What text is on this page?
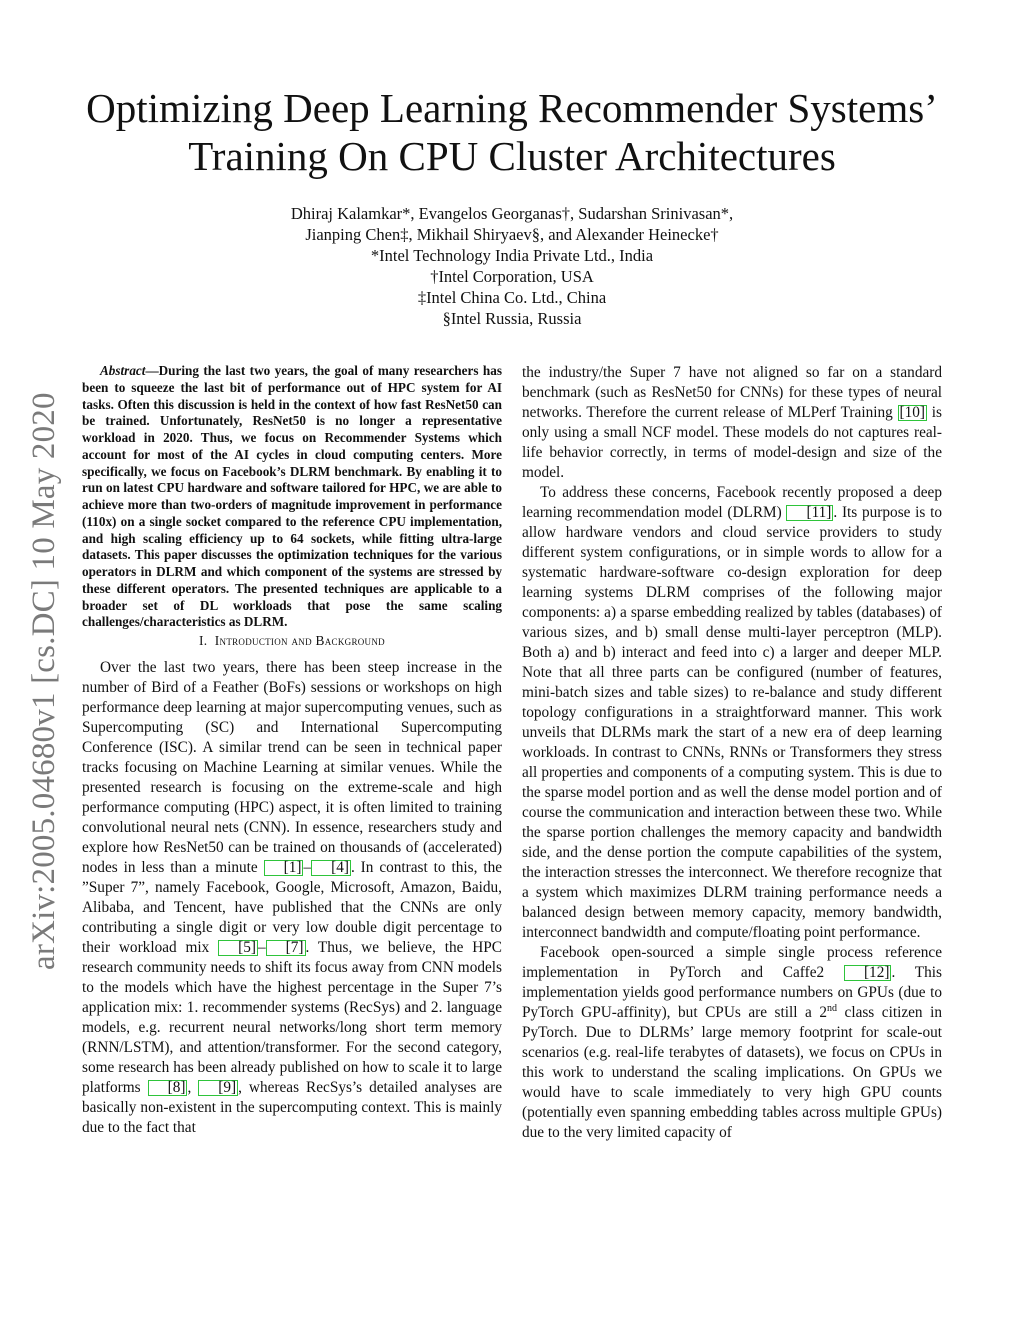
arXiv:2005.04680v1 [cs.DC] 10 May 2020
Optimizing Deep Learning Recommender Systems’
Training On CPU Cluster Architectures
Dhiraj Kalamkar*, Evangelos Georganas†, Sudarshan Srinivasan*,
Jianping Chen‡, Mikhail Shiryaev§, and Alexander Heinecke†
*Intel Technology India Private Ltd., India
†Intel Corporation, USA
‡Intel China Co. Ltd., China
§Intel Russia, Russia

Abstract—During the last two years, the goal of many researchers has been to squeeze the last bit of performance out of HPC system for AI tasks. Often this discussion is held in the context of how fast ResNet50 can be trained. Unfortunately, ResNet50 is no longer a representative workload in 2020. Thus, we focus on Recommender Systems which account for most of the AI cycles in cloud computing centers. More specifically, we focus on Facebook’s DLRM benchmark. By enabling it to run on latest CPU hardware and software tailored for HPC, we are able to achieve more than two-orders of magnitude improvement in performance (110x) on a single socket compared to the reference CPU implementation, and high scaling efficiency up to 64 sockets, while fitting ultra-large datasets. This paper discusses the optimization techniques for the various operators in DLRM and which component of the systems are stressed by these different operators. The presented techniques are applicable to a broader set of DL workloads that pose the same scaling challenges/characteristics as DLRM.

I. Introduction and Background

Over the last two years, there has been steep increase in the number of Bird of a Feather (BoFs) sessions or workshops on high performance deep learning at major supercomputing venues, such as Supercomputing (SC) and International Supercomputing Conference (ISC). A similar trend can be seen in technical paper tracks focusing on Machine Learning at similar venues. While the presented research is focusing on the extreme-scale and high performance computing (HPC) aspect, it is often limited to training convolutional neural nets (CNN). In essence, researchers study and explore how ResNet50 can be trained on thousands of (accelerated) nodes in less than a minute [1] – [4] . In contrast to this, the ”Super 7”, namely Facebook, Google, Microsoft, Amazon, Baidu, Alibaba, and Tencent, have published that the CNNs are only contributing a single digit or very low double digit percentage to their workload mix [5] – [7] . Thus, we believe, the HPC research community needs to shift its focus away from CNN models to the models which have the highest percentage in the Super 7’s application mix: 1. recommender systems (RecSys) and 2. language models, e.g. recurrent neural networks/long short term memory (RNN/LSTM), and attention/transformer. For the second category, some research has been already published on how to scale it to large platforms [8] , [9] , whereas RecSys’s detailed analyses are basically non-existent in the supercomputing context. This is mainly due to the fact that

the industry/the Super 7 have not aligned so far on a standard benchmark (such as ResNet50 for CNNs) for these types of neural networks. Therefore the current release of MLPerf Training [10] is only using a small NCF model. These models do not captures real-life behavior correctly, in terms of model-design and size of the model.

To address these concerns, Facebook recently proposed a deep learning recommendation model (DLRM) [11] . Its purpose is to allow hardware vendors and cloud service providers to study different system configurations, or in simple words to allow for a systematic hardware-software co-design exploration for deep learning systems DLRM comprises of the following major components: a) a sparse embedding realized by tables (databases) of various sizes, and b) small dense multi-layer perceptron (MLP). Both a) and b) interact and feed into c) a larger and deeper MLP. Note that all three parts can be configured (number of features, mini-batch sizes and table sizes) to re-balance and study different topology configurations in a straightforward manner. This work unveils that DLRMs mark the start of a new era of deep learning workloads. In contrast to CNNs, RNNs or Transformers they stress all properties and components of a computing system. This is due to the sparse model portion and as well the dense model portion and of course the communication and interaction between these two. While the sparse portion challenges the memory capacity and bandwidth side, and the dense portion the compute capabilities of the system, the interaction stresses the interconnect. We therefore recognize that a system which maximizes DLRM training performance needs a balanced design between memory capacity, memory bandwidth, interconnect bandwidth and compute/floating point performance.

Facebook open-sourced a simple single process reference implementation in PyTorch and Caffe2 [12] . This implementation yields good performance numbers on GPUs (due to PyTorch GPU-affinity), but CPUs are still a 2nd class citizen in PyTorch. Due to DLRMs’ large memory footprint for scale-out scenarios (e.g. real-life terabytes of datasets), we focus on CPUs in this work to understand the scaling implications. On GPUs we would have to scale immediately to very high GPU counts (potentially even spanning embedding tables across multiple GPUs) due to the very limited capacity of
